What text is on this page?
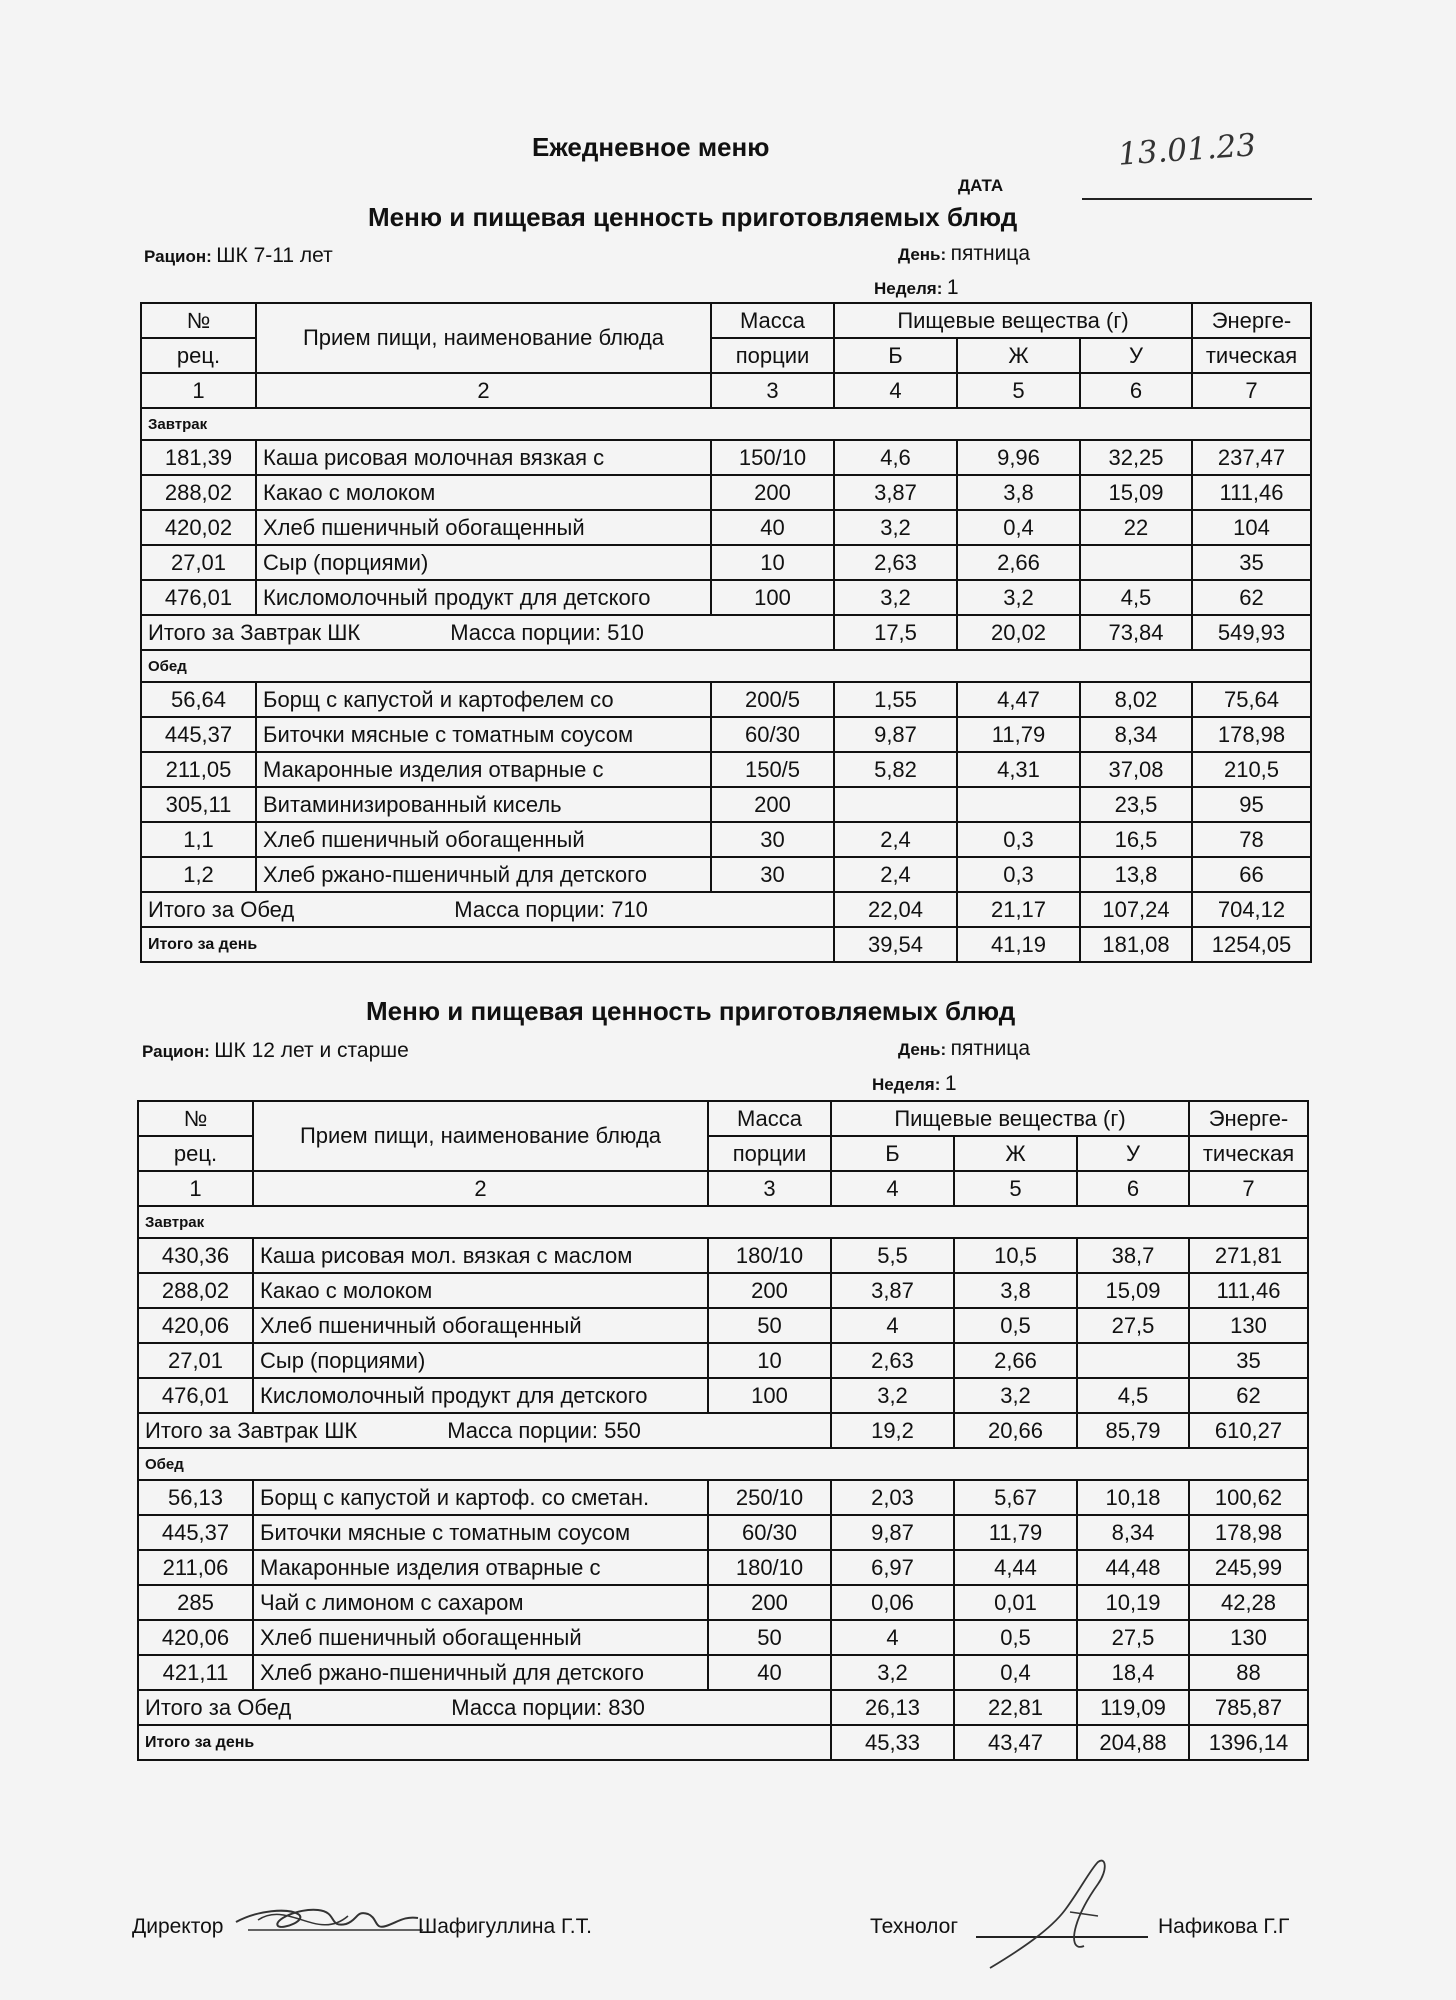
Ежедневное меню	13.01.23
ДАТА
Меню и пищевая ценность приготовляемых блюд
Рацион: ШК 7-11 лет	День: пятница
Неделя: 1
№	Прием пищи, наименование блюда	Масса	Пищевые вещества (г)			Энерге-
рец.		порции	Б	Ж	У	тическая
1	2	3	4	5	6	7
Завтрак						
181,39	Каша рисовая молочная вязкая с	150/10	4,6	9,96	32,25	237,47
288,02	Какао с молоком	200	3,87	3,8	15,09	111,46
420,02	Хлеб пшеничный обогащенный	40	3,2	0,4	22	104
27,01	Сыр (порциями)	10	2,63	2,66		35
476,01	Кисломолочный продукт для детского	100	3,2	3,2	4,5	62
Итого за Завтрак ШК Масса порции: 510			17,5	20,02	73,84	549,93
Обед						
56,64	Борщ с капустой и картофелем со	200/5	1,55	4,47	8,02	75,64
445,37	Биточки мясные с томатным соусом	60/30	9,87	11,79	8,34	178,98
211,05	Макаронные изделия отварные с	150/5	5,82	4,31	37,08	210,5
305,11	Витаминизированный кисель	200			23,5	95
1,1	Хлеб пшеничный обогащенный	30	2,4	0,3	16,5	78
1,2	Хлеб ржано-пшеничный для детского	30	2,4	0,3	13,8	66
Итого за Обед Масса порции: 710			22,04	21,17	107,24	704,12
Итого за день			39,54	41,19	181,08	1254,05
Меню и пищевая ценность приготовляемых блюд
Рацион: ШК 12 лет и старше	День: пятница
Неделя: 1
№	Прием пищи, наименование блюда	Масса	Пищевые вещества (г)			Энерге-
рец.		порции	Б	Ж	У	тическая
1	2	3	4	5	6	7
Завтрак						
430,36	Каша рисовая мол. вязкая с маслом	180/10	5,5	10,5	38,7	271,81
288,02	Какао с молоком	200	3,87	3,8	15,09	111,46
420,06	Хлеб пшеничный обогащенный	50	4	0,5	27,5	130
27,01	Сыр (порциями)	10	2,63	2,66		35
476,01	Кисломолочный продукт для детского	100	3,2	3,2	4,5	62
Итого за Завтрак ШК Масса порции: 550			19,2	20,66	85,79	610,27
Обед						
56,13	Борщ с капустой и картоф. со сметан.	250/10	2,03	5,67	10,18	100,62
445,37	Биточки мясные с томатным соусом	60/30	9,87	11,79	8,34	178,98
211,06	Макаронные изделия отварные с	180/10	6,97	4,44	44,48	245,99
285	Чай с лимоном с сахаром	200	0,06	0,01	10,19	42,28
420,06	Хлеб пшеничный обогащенный	50	4	0,5	27,5	130
421,11	Хлеб ржано-пшеничный для детского	40	3,2	0,4	18,4	88
Итого за Обед Масса порции: 830			26,13	22,81	119,09	785,87
Итого за день			45,33	43,47	204,88	1396,14
Директор	Шафигуллина Г.Т.	Технолог	Нафикова Г.Г
